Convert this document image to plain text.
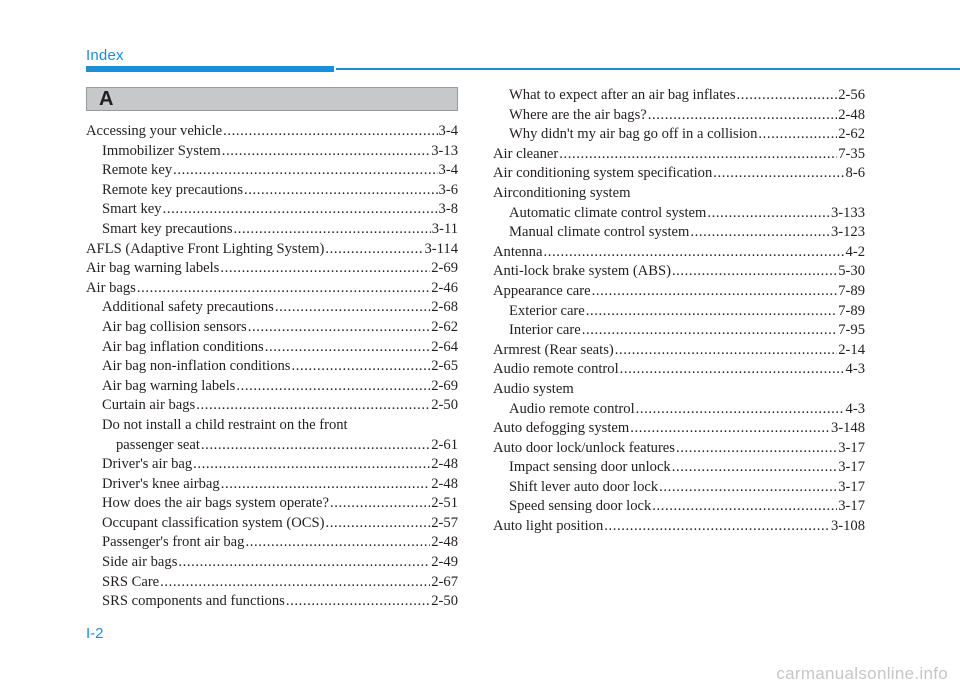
Index
A
Accessing your vehicle .....	3-4
Immobilizer System .....	3-13
Remote key .....	3-4
Remote key precautions .....	3-6
Smart key .....	3-8
Smart key precautions .....	3-11
AFLS (Adaptive Front Lighting System) .....	3-114
Air bag warning labels .....	2-69
Air bags .....	2-46
Additional safety precautions .....	2-68
Air bag collision sensors .....	2-62
Air bag inflation conditions .....	2-64
Air bag non-inflation conditions .....	2-65
Air bag warning labels .....	2-69
Curtain air bags .....	2-50
Do not install a child restraint on the front
passenger seat .....	2-61
Driver's air bag .....	2-48
Driver's knee airbag .....	2-48
How does the air bags system operate? .....	2-51
Occupant classification system (OCS) .....	2-57
Passenger's front air bag .....	2-48
Side air bags .....	2-49
SRS Care .....	2-67
SRS components and functions .....	2-50
What to expect after an air bag inflates .....	2-56
Where are the air bags? .....	2-48
Why didn't my air bag go off in a collision .....	2-62
Air cleaner .....	7-35
Air conditioning system specification .....	8-6
Airconditioning system
Automatic climate control system .....	3-133
Manual climate control system .....	3-123
Antenna .....	4-2
Anti-lock brake system (ABS) .....	5-30
Appearance care .....	7-89
Exterior care .....	7-89
Interior care .....	7-95
Armrest (Rear seats) .....	2-14
Audio remote control .....	4-3
Audio system
Audio remote control .....	4-3
Auto defogging system .....	3-148
Auto door lock/unlock features .....	3-17
Impact sensing door unlock .....	3-17
Shift lever auto door lock .....	3-17
Speed sensing door lock .....	3-17
Auto light position .....	3-108
I-2
carmanualsonline.info
